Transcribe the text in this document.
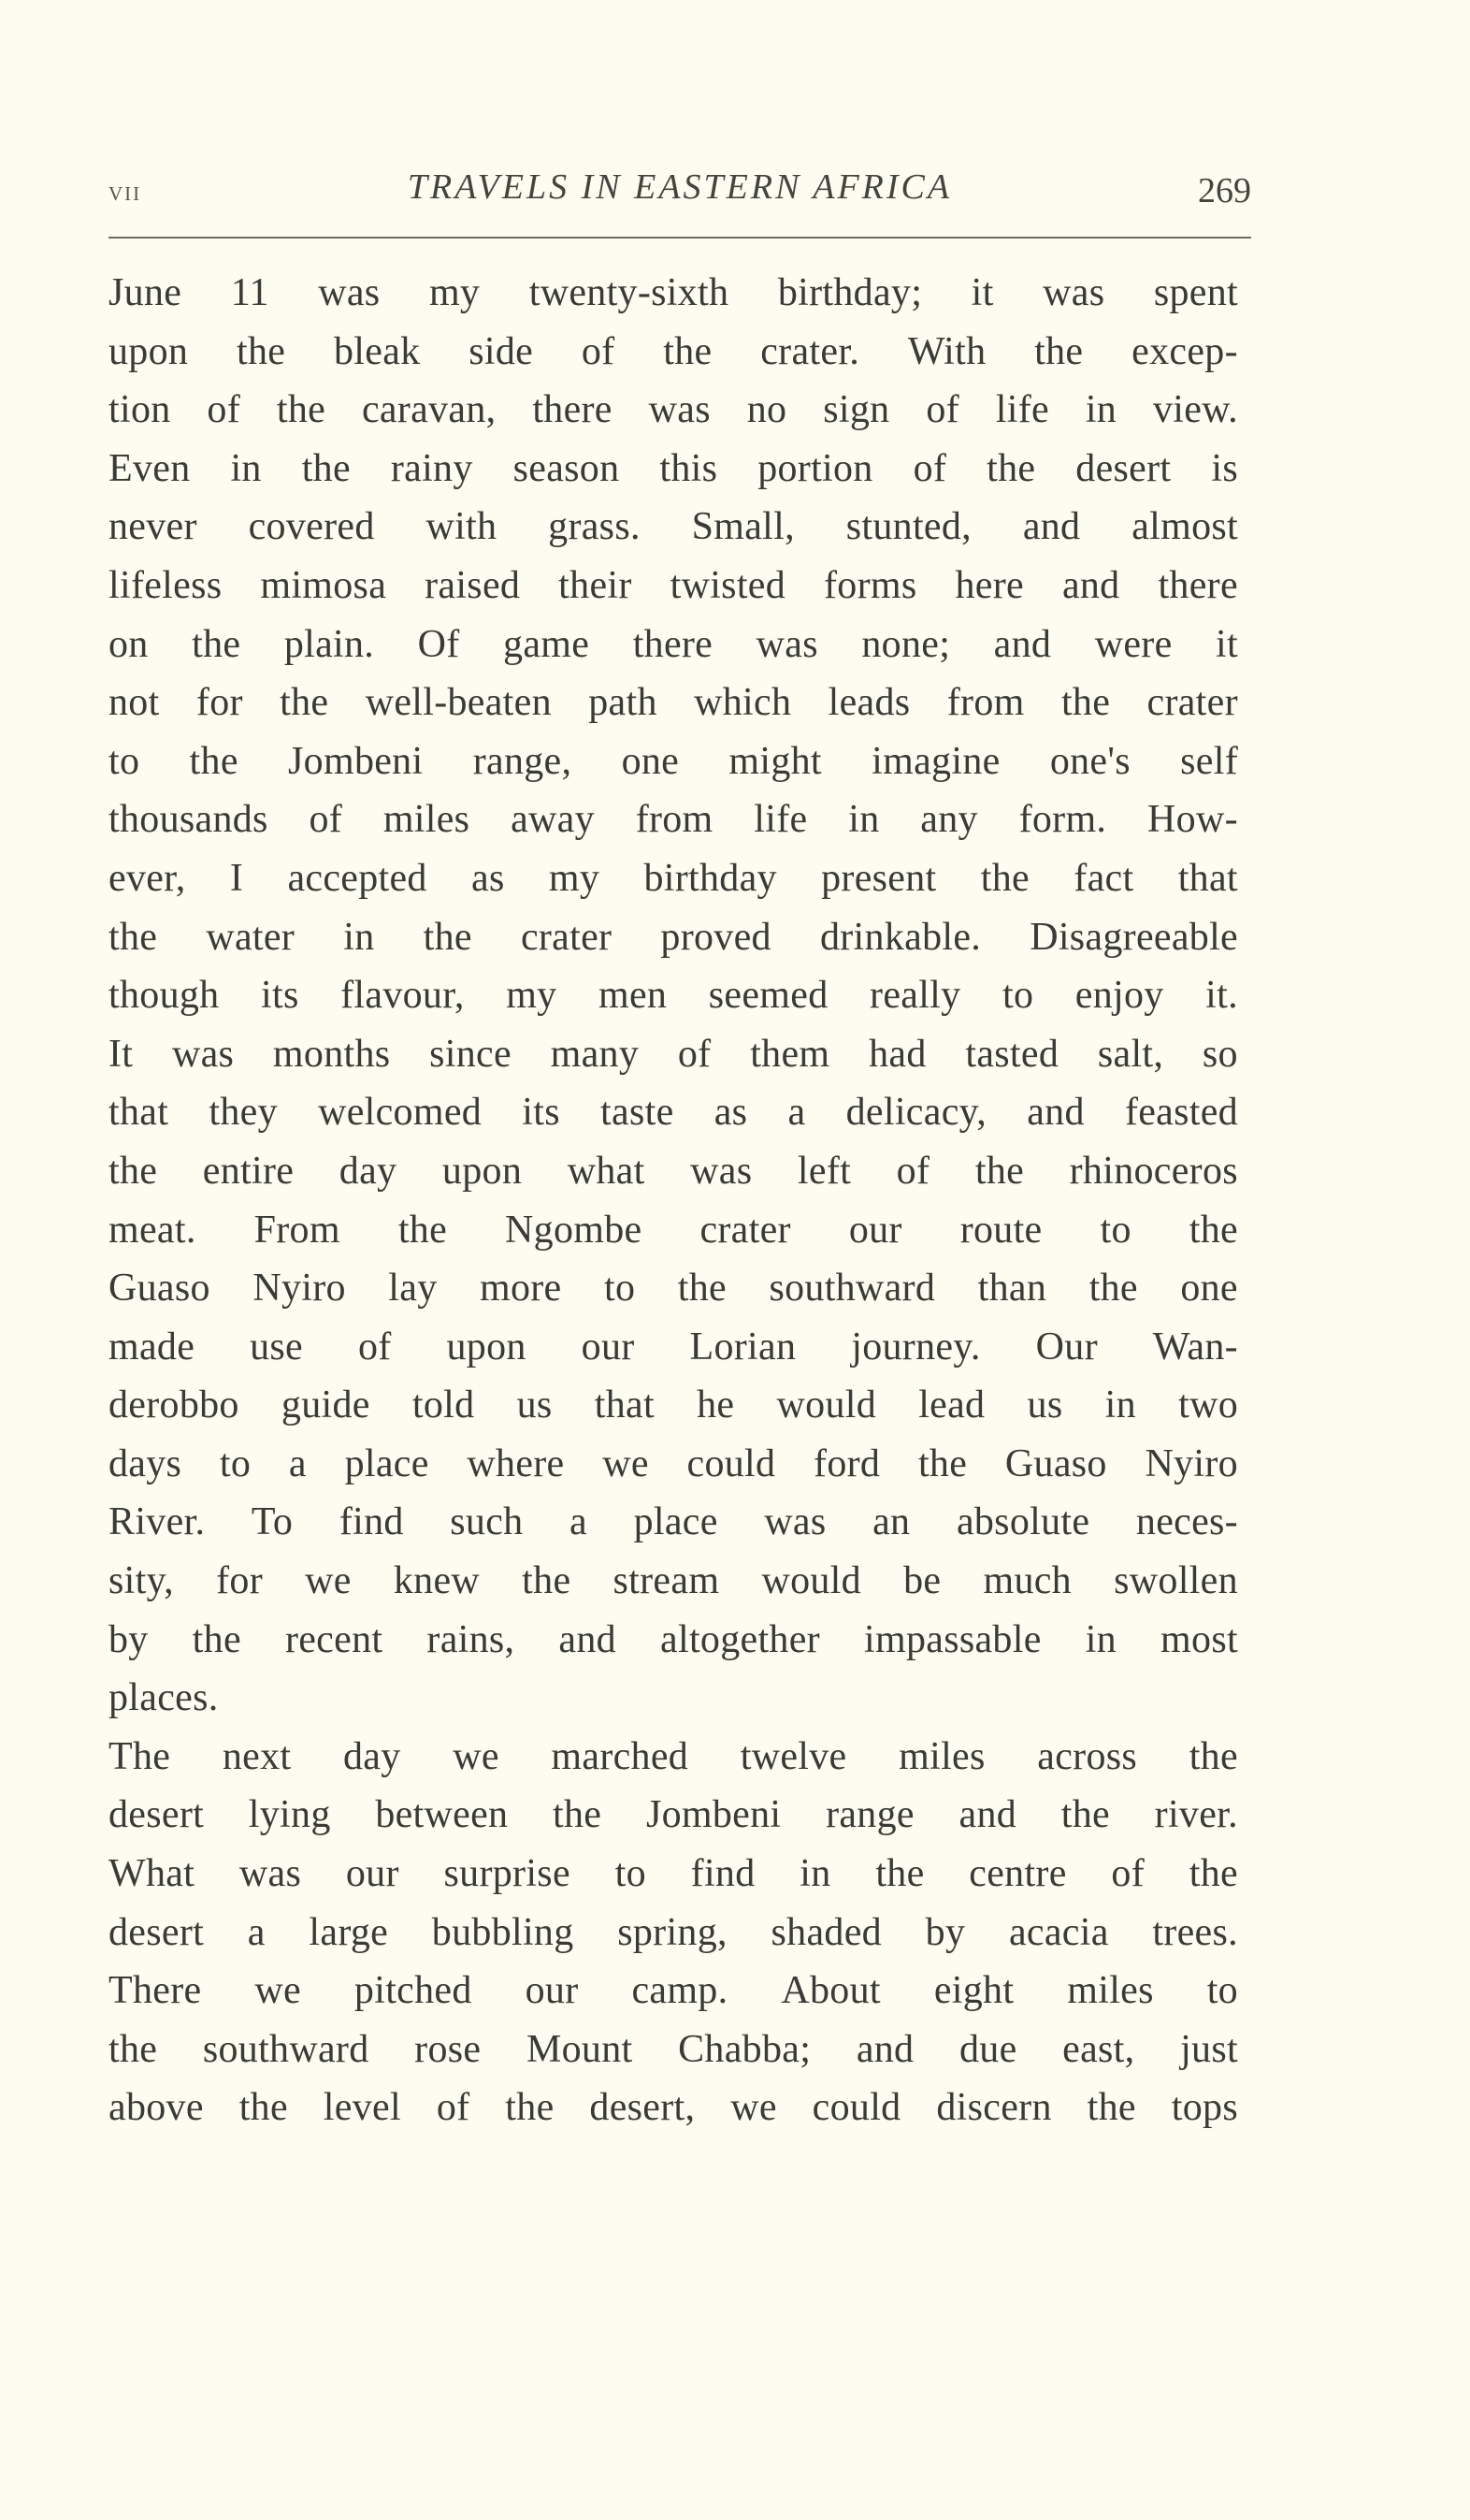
vii	TRAVELS IN EASTERN AFRICA	269
June 11 was my twenty-sixth birthday; it was spent
upon the bleak side of the crater. With the excep-
tion of the caravan, there was no sign of life in view.
Even in the rainy season this portion of the desert is
never covered with grass. Small, stunted, and almost
lifeless mimosa raised their twisted forms here and there
on the plain. Of game there was none; and were it
not for the well-beaten path which leads from the crater
to the Jombeni range, one might imagine one's self
thousands of miles away from life in any form. How-
ever, I accepted as my birthday present the fact that
the water in the crater proved drinkable. Disagreeable
though its flavour, my men seemed really to enjoy it.
It was months since many of them had tasted salt, so
that they welcomed its taste as a delicacy, and feasted
the entire day upon what was left of the rhinoceros
meat. From the Ngombe crater our route to the
Guaso Nyiro lay more to the southward than the one
made use of upon our Lorian journey. Our Wan-
derobbo guide told us that he would lead us in two
days to a place where we could ford the Guaso Nyiro
River. To find such a place was an absolute neces-
sity, for we knew the stream would be much swollen
by the recent rains, and altogether impassable in most
places.
The next day we marched twelve miles across the
desert lying between the Jombeni range and the river.
What was our surprise to find in the centre of the
desert a large bubbling spring, shaded by acacia trees.
There we pitched our camp. About eight miles to
the southward rose Mount Chabba; and due east, just
above the level of the desert, we could discern the tops
